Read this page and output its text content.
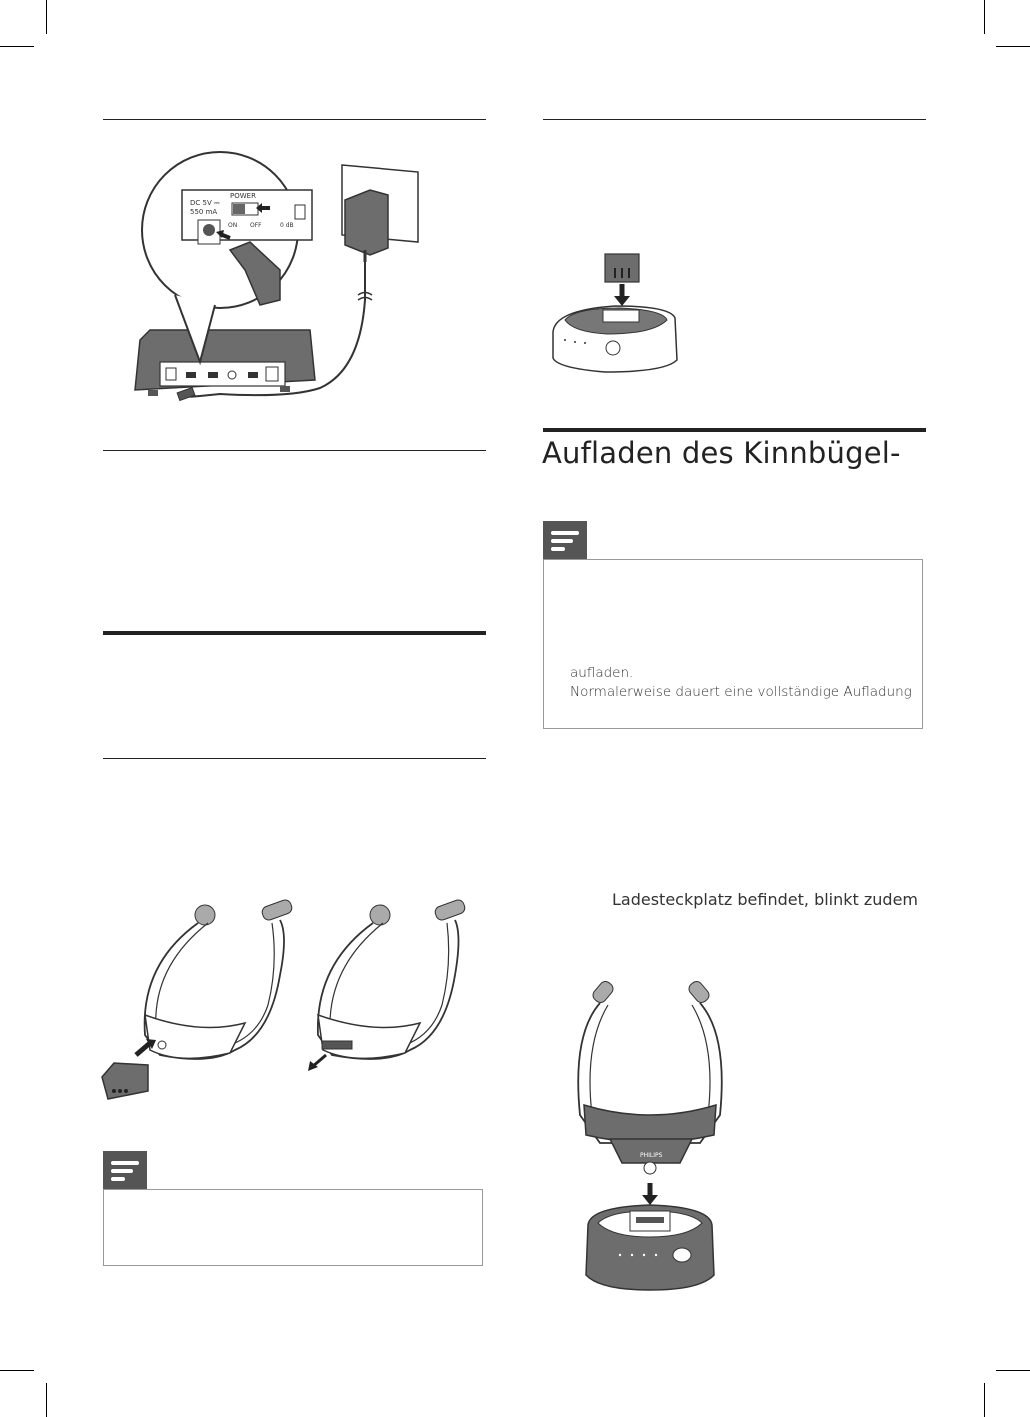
Aufladen des Kinnbügel-
DC 5V ⎓
550 mA
POWER
ON OFF	0 dB
aufladen.
Normalerweise dauert eine vollständige Aufladung
Ladesteckplatz befindet, blinkt zudem
PHILIPS
